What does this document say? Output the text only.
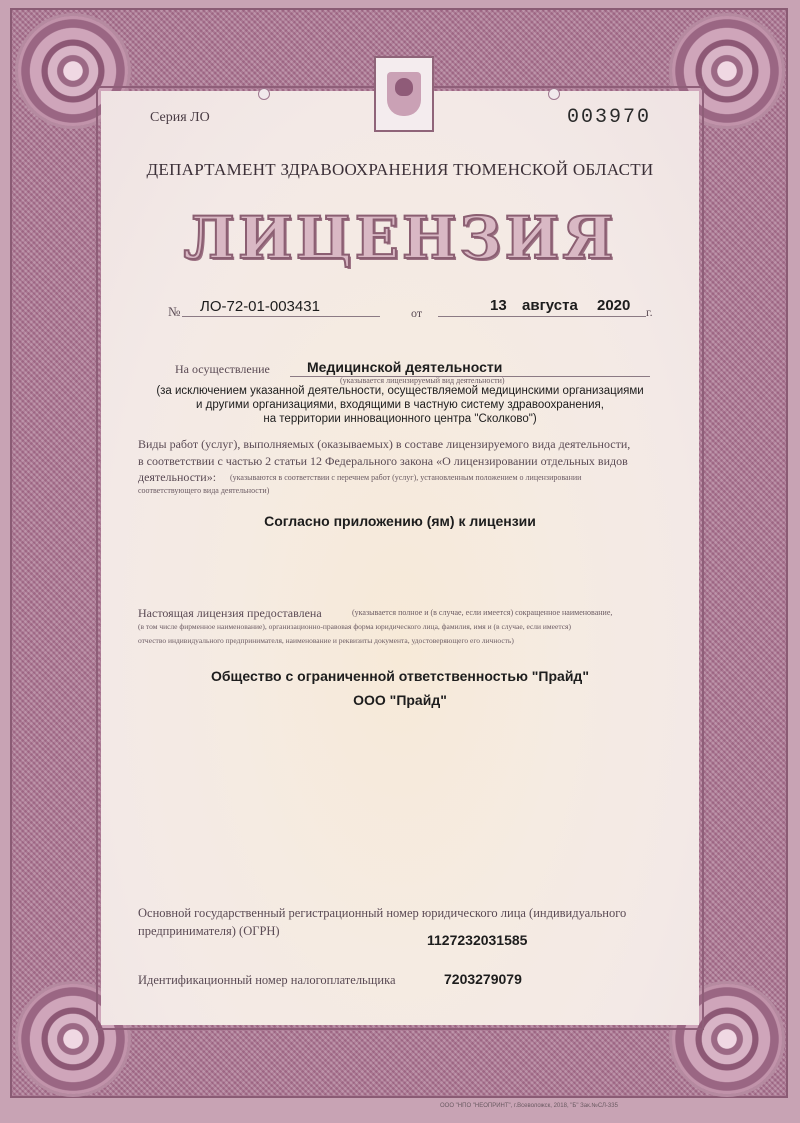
Серия ЛО	003970
ДЕПАРТАМЕНТ ЗДРАВООХРАНЕНИЯ ТЮМЕНСКОЙ ОБЛАСТИ
ЛИЦЕНЗИЯ
№ ЛО-72-01-003431	от	13 августа 2020 г.
На осуществление	Медицинской деятельности
(указывается лицензируемый вид деятельности)
(за исключением указанной деятельности, осуществляемой медицинскими организациями
и другими организациями, входящими в частную систему здравоохранения,
на территории инновационного центра "Сколково")
Виды работ (услуг), выполняемых (оказываемых) в составе лицензируемого вида деятельности,
в соответствии с частью 2 статьи 12 Федерального закона «О лицензировании отдельных видов
деятельности»: (указываются в соответствии с перечнем работ (услуг), установленным положением о лицензировании
соответствующего вида деятельности)
Согласно приложению (ям) к лицензии
Настоящая лицензия предоставлена	(указывается полное и (в случае, если имеется) сокращенное наименование,
(в том числе фирменное наименование), организационно-правовая форма юридического лица, фамилия, имя и (в случае, если имеется)
отчество индивидуального предпринимателя, наименование и реквизиты документа, удостоверяющего его личность)
Общество с ограниченной ответственностью "Прайд"
ООО "Прайд"
Основной государственный регистрационный номер юридического лица (индивидуального
предпринимателя) (ОГРН)
1127232031585
Идентификационный номер налогоплательщика	7203279079
ООО "НПО "НЕОПРИНТ", г.Всеволожск, 2018, "Б" Зак.№СЛ-335
